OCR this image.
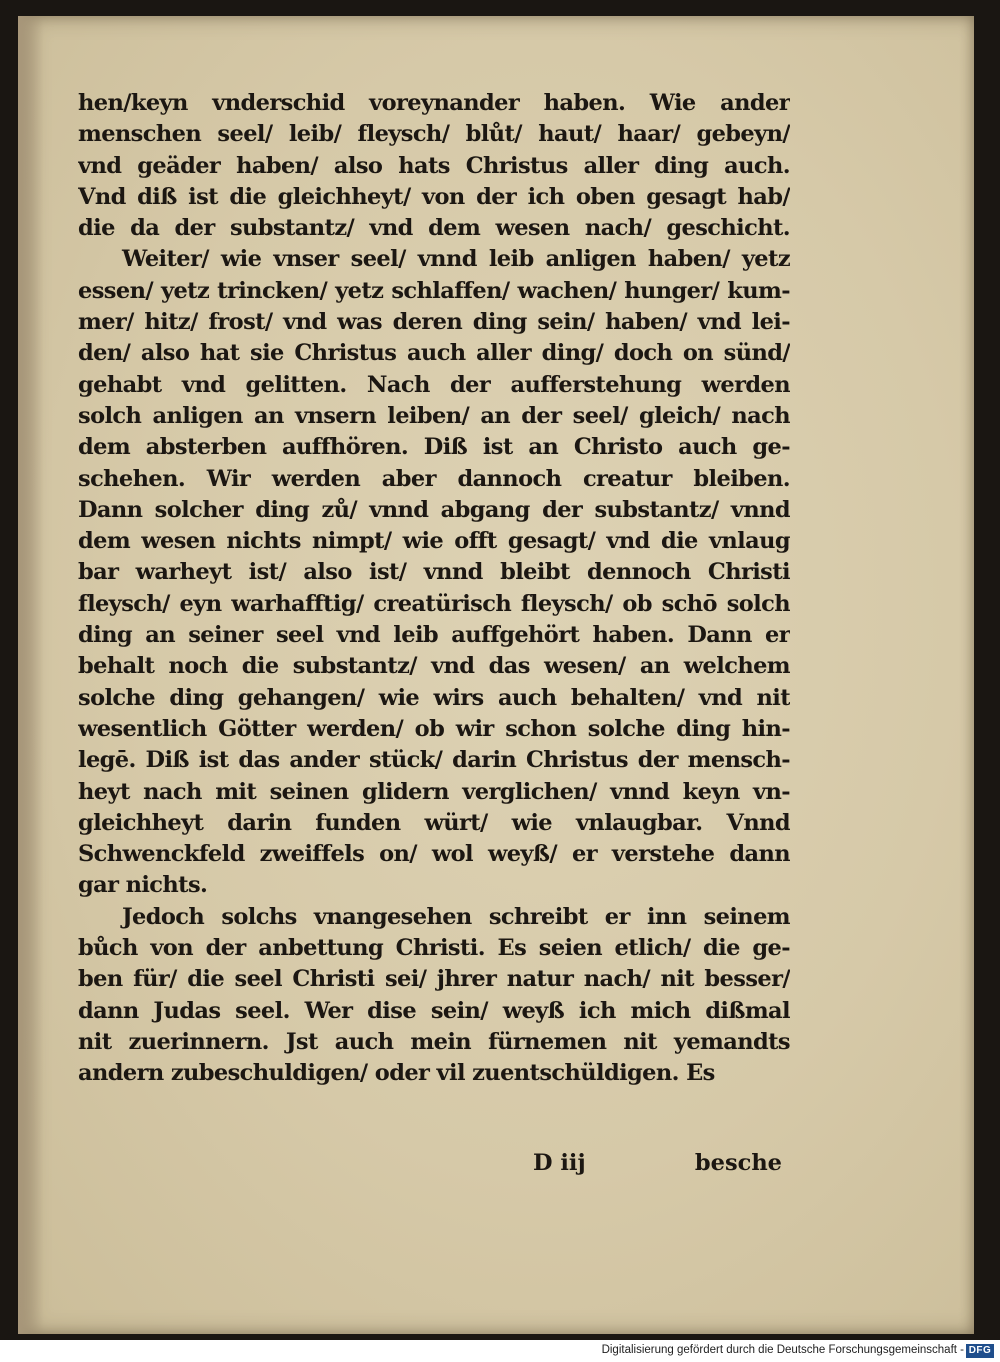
hen/keyn vnderschid voreynander haben. Wie ander
menschen seel/ leib/ fleysch/ blůt/ haut/ haar/ gebeyn/
vnd geäder haben/ also hats Christus aller ding auch.
Vnd diß ist die gleichheyt/ von der ich oben gesagt hab/
die da der substantz/ vnd dem wesen nach/ geschicht.
Weiter/ wie vnser seel/ vnnd leib anligen haben/ yetz
essen/ yetz trincken/ yetz schlaffen/ wachen/ hunger/ kum-
mer/ hitz/ frost/ vnd was deren ding sein/ haben/ vnd lei-
den/ also hat sie Christus auch aller ding/ doch on sünd/
gehabt vnd gelitten. Nach der aufferstehung werden
solch anligen an vnsern leiben/ an der seel/ gleich/ nach
dem absterben auffhören. Diß ist an Christo auch ge-
schehen. Wir werden aber dannoch creatur bleiben.
Dann solcher ding zů/ vnnd abgang der substantz/ vnnd
dem wesen nichts nimpt/ wie offt gesagt/ vnd die vnlaug
bar warheyt ist/ also ist/ vnnd bleibt dennoch Christi
fleysch/ eyn warhafftig/ creatürisch fleysch/ ob schō solch
ding an seiner seel vnd leib auffgehört haben. Dann er
behalt noch die substantz/ vnd das wesen/ an welchem
solche ding gehangen/ wie wirs auch behalten/ vnd nit
wesentlich Götter werden/ ob wir schon solche ding hin-
legē. Diß ist das ander stück/ darin Christus der mensch-
heyt nach mit seinen glidern verglichen/ vnnd keyn vn-
gleichheyt darin funden würt/ wie vnlaugbar. Vnnd
Schwenckfeld zweiffels on/ wol weyß/ er verstehe dann
gar nichts.
Jedoch solchs vnangesehen schreibt er inn seinem
bůch von der anbettung Christi. Es seien etlich/ die ge-
ben für/ die seel Christi sei/ jhrer natur nach/ nit besser/
dann Judas seel. Wer dise sein/ weyß ich mich dißmal
nit zuerinnern. Jst auch mein fürnemen nit yemandts
andern zubeschuldigen/ oder vil zuentschüldigen. Es
D iij	besche
Digitalisierung gefördert durch die Deutsche Forschungsgemeinschaft - DFG
